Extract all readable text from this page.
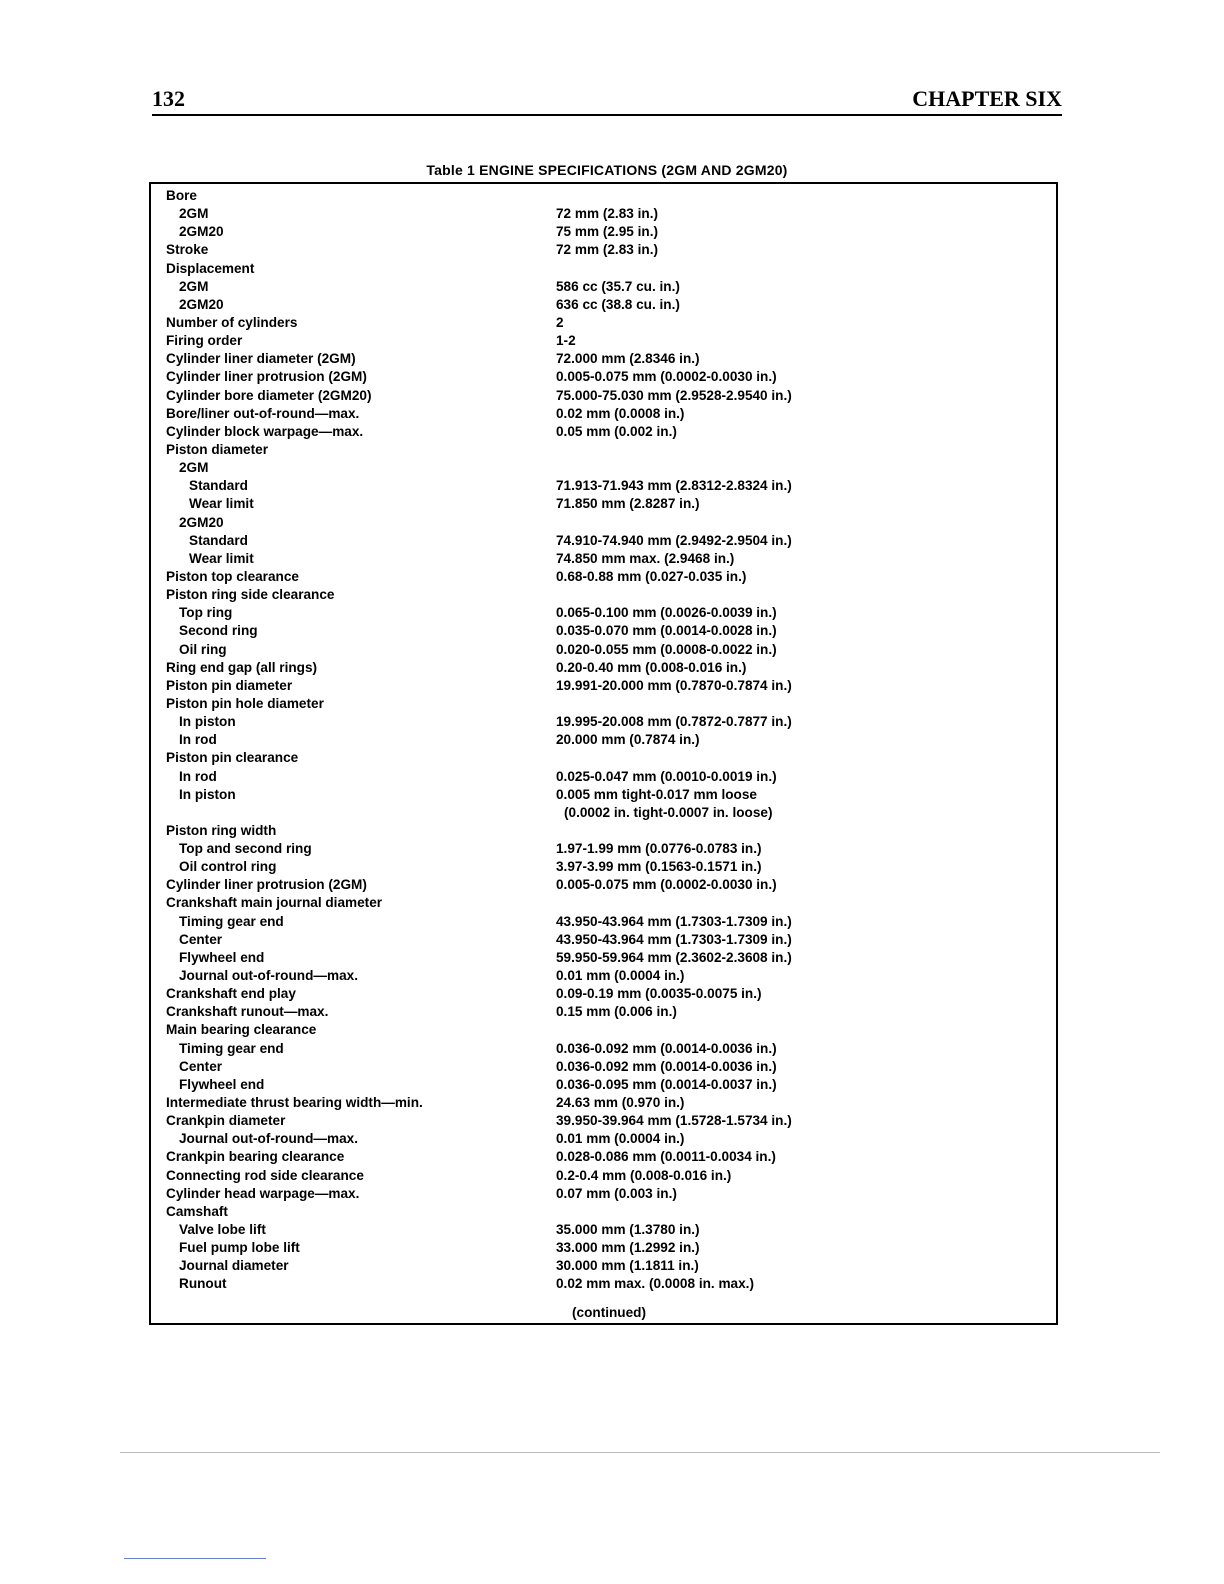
132	CHAPTER SIX
Table 1 ENGINE SPECIFICATIONS (2GM AND 2GM20)
Bore
2GM	72 mm (2.83 in.)
2GM20	75 mm (2.95 in.)
Stroke	72 mm (2.83 in.)
Displacement
2GM	586 cc (35.7 cu. in.)
2GM20	636 cc (38.8 cu. in.)
Number of cylinders	2
Firing order	1-2
Cylinder liner diameter (2GM)	72.000 mm (2.8346 in.)
Cylinder liner protrusion (2GM)	0.005-0.075 mm (0.0002-0.0030 in.)
Cylinder bore diameter (2GM20)	75.000-75.030 mm (2.9528-2.9540 in.)
Bore/liner out-of-round—max.	0.02 mm (0.0008 in.)
Cylinder block warpage—max.	0.05 mm (0.002 in.)
Piston diameter
2GM
Standard	71.913-71.943 mm (2.8312-2.8324 in.)
Wear limit	71.850 mm (2.8287 in.)
2GM20
Standard	74.910-74.940 mm (2.9492-2.9504 in.)
Wear limit	74.850 mm max. (2.9468 in.)
Piston top clearance	0.68-0.88 mm (0.027-0.035 in.)
Piston ring side clearance
Top ring	0.065-0.100 mm (0.0026-0.0039 in.)
Second ring	0.035-0.070 mm (0.0014-0.0028 in.)
Oil ring	0.020-0.055 mm (0.0008-0.0022 in.)
Ring end gap (all rings)	0.20-0.40 mm (0.008-0.016 in.)
Piston pin diameter	19.991-20.000 mm (0.7870-0.7874 in.)
Piston pin hole diameter
In piston	19.995-20.008 mm (0.7872-0.7877 in.)
In rod	20.000 mm (0.7874 in.)
Piston pin clearance
In rod	0.025-0.047 mm (0.0010-0.0019 in.)
In piston	0.005 mm tight-0.017 mm loose
(0.0002 in. tight-0.0007 in. loose)
Piston ring width
Top and second ring	1.97-1.99 mm (0.0776-0.0783 in.)
Oil control ring	3.97-3.99 mm (0.1563-0.1571 in.)
Cylinder liner protrusion (2GM)	0.005-0.075 mm (0.0002-0.0030 in.)
Crankshaft main journal diameter
Timing gear end	43.950-43.964 mm (1.7303-1.7309 in.)
Center	43.950-43.964 mm (1.7303-1.7309 in.)
Flywheel end	59.950-59.964 mm (2.3602-2.3608 in.)
Journal out-of-round—max.	0.01 mm (0.0004 in.)
Crankshaft end play	0.09-0.19 mm (0.0035-0.0075 in.)
Crankshaft runout—max.	0.15 mm (0.006 in.)
Main bearing clearance
Timing gear end	0.036-0.092 mm (0.0014-0.0036 in.)
Center	0.036-0.092 mm (0.0014-0.0036 in.)
Flywheel end	0.036-0.095 mm (0.0014-0.0037 in.)
Intermediate thrust bearing width—min.	24.63 mm (0.970 in.)
Crankpin diameter	39.950-39.964 mm (1.5728-1.5734 in.)
Journal out-of-round—max.	0.01 mm (0.0004 in.)
Crankpin bearing clearance	0.028-0.086 mm (0.0011-0.0034 in.)
Connecting rod side clearance	0.2-0.4 mm (0.008-0.016 in.)
Cylinder head warpage—max.	0.07 mm (0.003 in.)
Camshaft
Valve lobe lift	35.000 mm (1.3780 in.)
Fuel pump lobe lift	33.000 mm (1.2992 in.)
Journal diameter	30.000 mm (1.1811 in.)
Runout	0.02 mm max. (0.0008 in. max.)
(continued)
